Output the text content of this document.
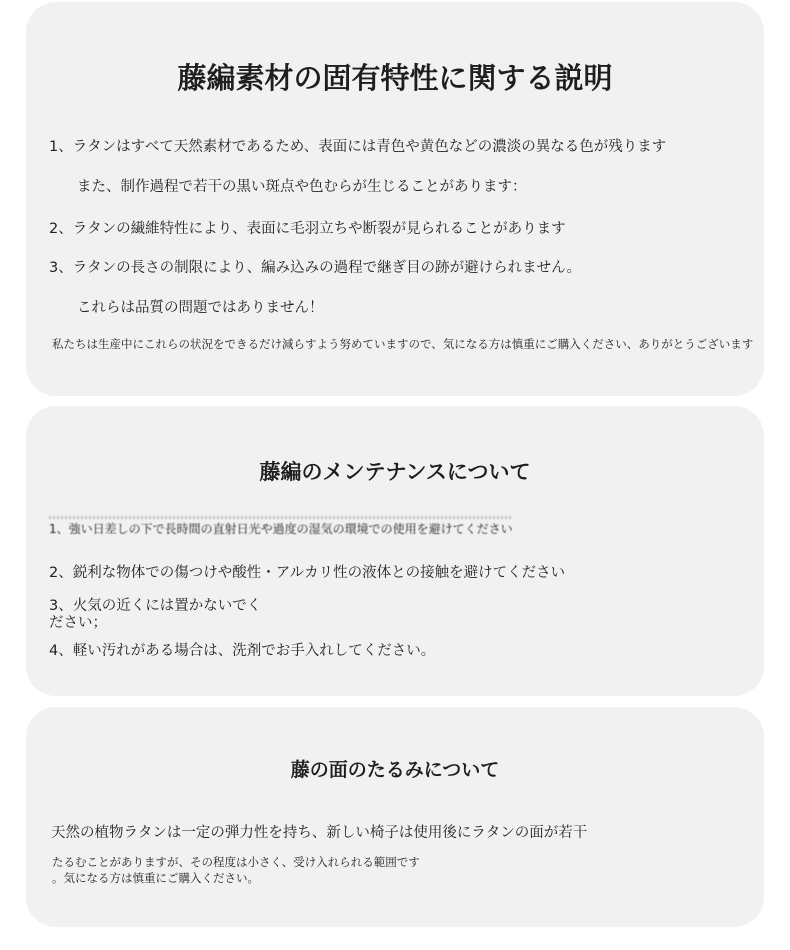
藤編素材の固有特性に関する説明
1、ラタンはすべて天然素材であるため、表面には青色や黄色などの濃淡の異なる色が残ります
また、制作過程で若干の黒い斑点や色むらが生じることがあります：
2、ラタンの繊維特性により、表面に毛羽立ちや断裂が見られることがあります
3、ラタンの長さの制限により、編み込みの過程で継ぎ目の跡が避けられません。
これらは品質の問題ではありません！
私たちは生産中にこれらの状況をできるだけ減らすよう努めていますので、気になる方は慎重にご購入ください、ありがとうございます
藤編のメンテナンスについて
1、強い日差しの下で長時間の直射日光や過度の湿気の環境での使用を避けてください
2、鋭利な物体での傷つけや酸性・アルカリ性の液体との接触を避けてください
3、火気の近くには置かないでく
ださい；
4、軽い汚れがある場合は、洗剤でお手入れしてください。
藤の面のたるみについて
天然の植物ラタンは一定の弾力性を持ち、新しい椅子は使用後にラタンの面が若干
たるむことがありますが、その程度は小さく、受け入れられる範囲です
。気になる方は慎重にご購入ください。
